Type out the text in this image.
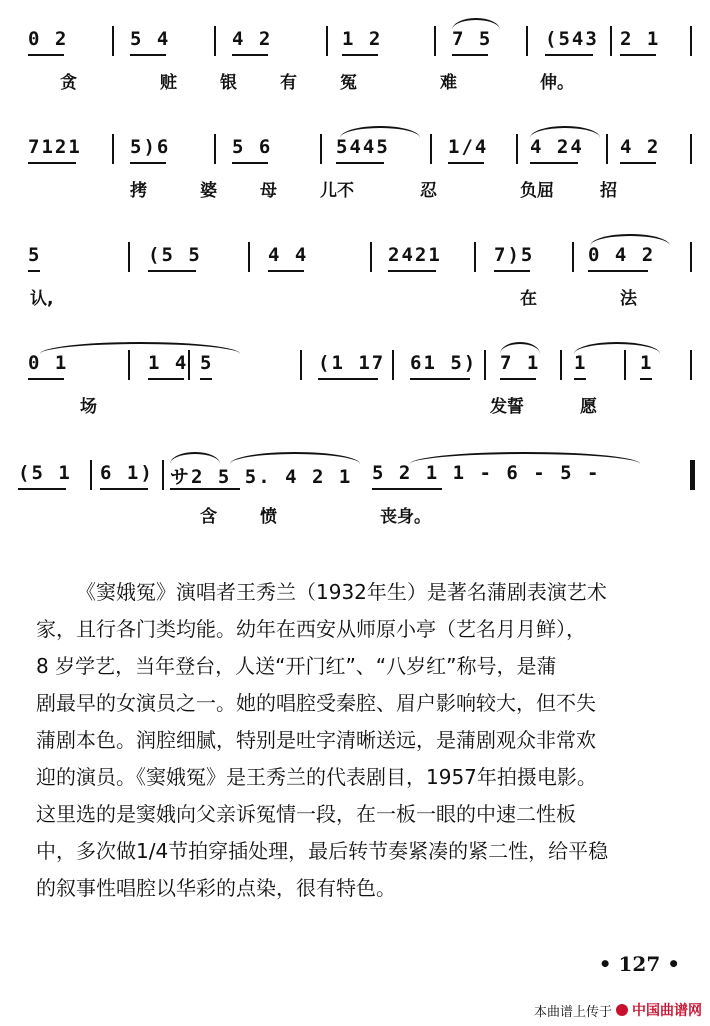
0 2	5 4	4 2	1 2	7 5	(543 2 1
贪	赃	银	有	冤	难	伸。
7121	5)6	5 6	5445	1/4 4 24 4 2
拷	婆	母	儿不	忍	负屈	招
5	(5 5	4 4	2421	7)5	0 4 2
认,	在	法
0 1	1 4 5	(1 17 61 5) 7 1 1	1
场	发誓	愿
(5 1 6 1) サ2 5 5. 4 2 1 5 2 1 1 - 6 - 5 -
含	愤	丧身。
《窦娥冤》演唱者王秀兰（1932年生）是著名蒲剧表演艺术
家，且行各门类均能。幼年在西安从师原小亭（艺名月月鲜），
8 岁学艺，当年登台，人送“开门红”、“八岁红”称号，是蒲
剧最早的女演员之一。她的唱腔受秦腔、眉户影响较大，但不失
蒲剧本色。润腔细腻，特别是吐字清晰送远，是蒲剧观众非常欢
迎的演员。《窦娥冤》是王秀兰的代表剧目，1957年拍摄电影。
这里选的是窦娥向父亲诉冤情一段，在一板一眼的中速二性板
中，多次做1/4节拍穿插处理，最后转节奏紧凑的紧二性，给平稳
的叙事性唱腔以华彩的点染，很有特色。
• 127 •
本曲谱上传于 中国曲谱网
